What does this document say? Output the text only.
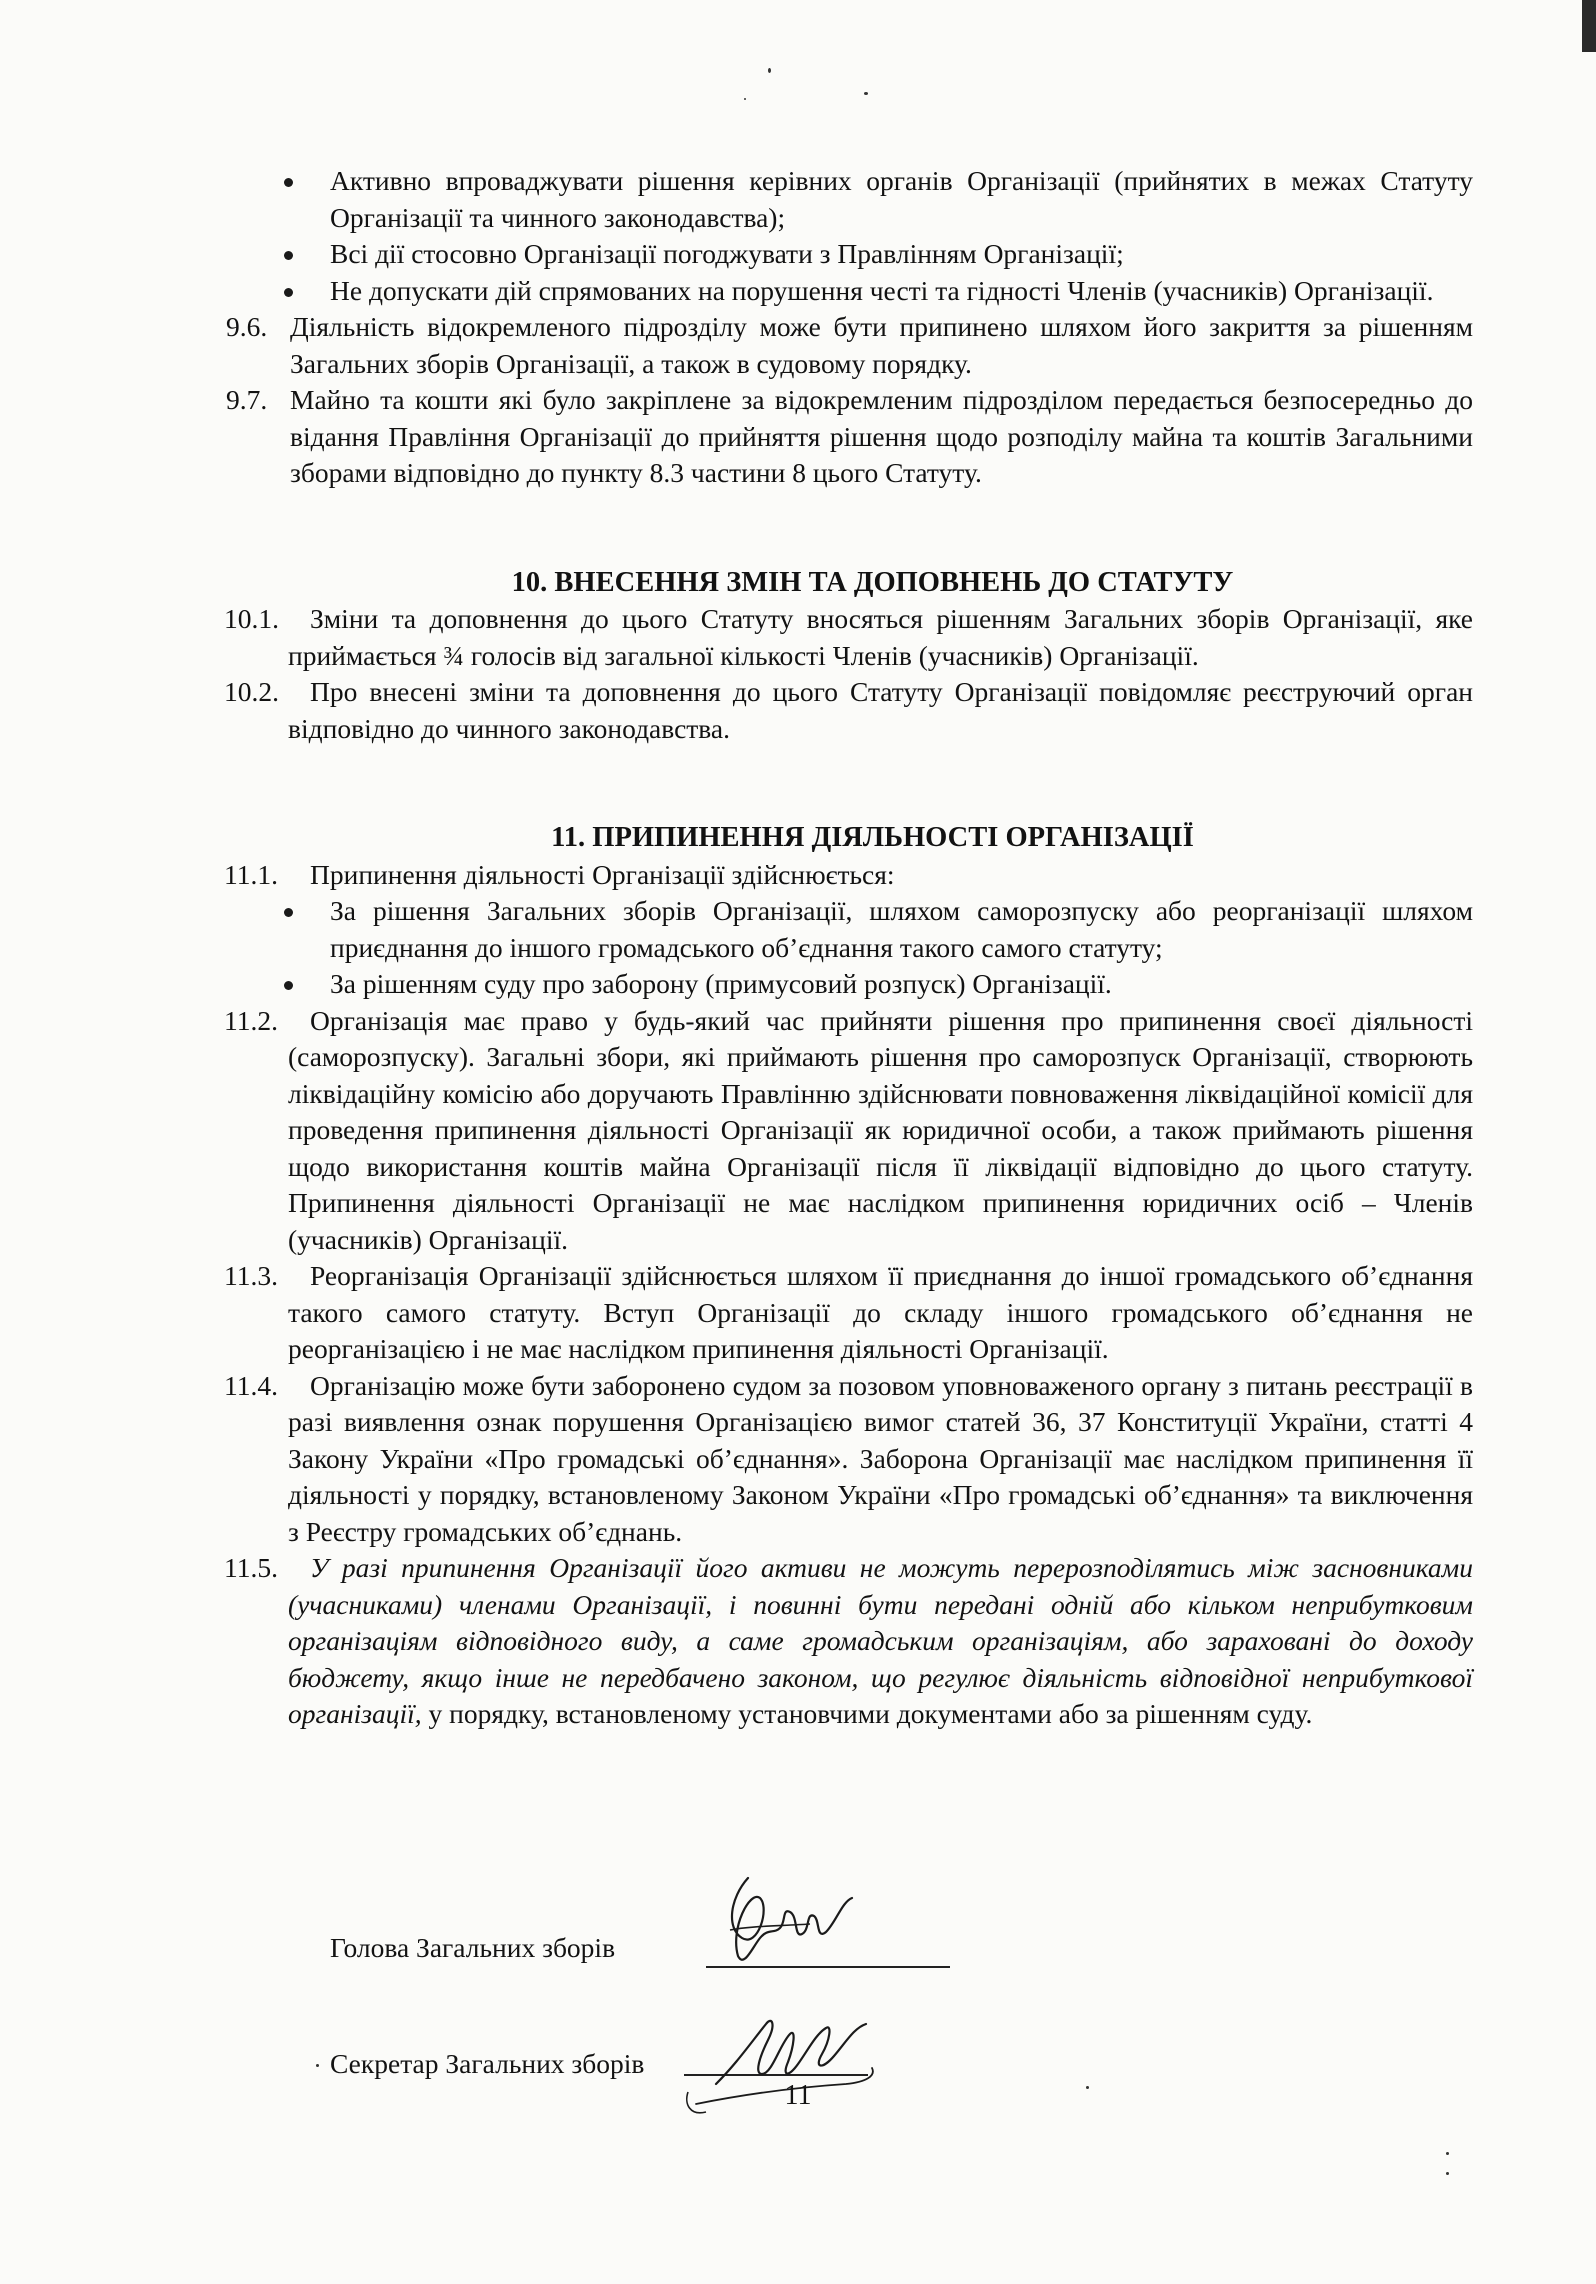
Активно впроваджувати рішення керівних органів Організації (прийнятих в межах Статуту Організації та чинного законодавства);
Всі дії стосовно Організації погоджувати з Правлінням Організації;
Не допускати дій спрямованих на порушення честі та гідності Членів (учасників) Організації.
9.6. Діяльність відокремленого підрозділу може бути припинено шляхом його закриття за рішенням Загальних зборів Організації, а також в судовому порядку.
9.7. Майно та кошти які було закріплене за відокремленим підрозділом передається безпосередньо до відання Правління Організації до прийняття рішення щодо розподілу майна та коштів Загальними зборами відповідно до пункту 8.3 частини 8 цього Статуту.
10. ВНЕСЕННЯ ЗМІН ТА ДОПОВНЕНЬ ДО СТАТУТУ
10.1.	Зміни та доповнення до цього Статуту вносяться рішенням Загальних зборів Організації, яке приймається ¾ голосів від загальної кількості Членів (учасників) Організації.
10.2.	Про внесені зміни та доповнення до цього Статуту Організації повідомляє реєструючий орган відповідно до чинного законодавства.
11. ПРИПИНЕННЯ ДІЯЛЬНОСТІ ОРГАНІЗАЦІЇ
11.1.	Припинення діяльності Організації здійснюється:
За рішення Загальних зборів Організації, шляхом саморозпуску або реорганізації шляхом приєднання до іншого громадського об’єднання такого самого статуту;
За рішенням суду про заборону (примусовий розпуск) Організації.
11.2.	Організація має право у будь-який час прийняти рішення про припинення своєї діяльності (саморозпуску). Загальні збори, які приймають рішення про саморозпуск Організації, створюють ліквідаційну комісію або доручають Правлінню здійснювати повноваження ліквідаційної комісії для проведення припинення діяльності Організації як юридичної особи, а також приймають рішення щодо використання коштів майна Організації після її ліквідації відповідно до цього статуту. Припинення діяльності Організації не має наслідком припинення юридичних осіб – Членів (учасників) Організації.
11.3.	Реорганізація Організації здійснюється шляхом її приєднання до іншої громадського об’єднання такого самого статуту. Вступ Організації до складу іншого громадського об’єднання не реорганізацією і не має наслідком припинення діяльності Організації.
11.4.	Організацію може бути заборонено судом за позовом уповноваженого органу з питань реєстрації в разі виявлення ознак порушення Організацією вимог статей 36, 37 Конституції України, статті 4 Закону України «Про громадські об’єднання». Заборона Організації має наслідком припинення її діяльності у порядку, встановленому Законом України «Про громадські об’єднання» та виключення з Реєстру громадських об’єднань.
11.5.	У разі припинення Організації його активи не можуть перерозподілятись між засновниками (учасниками) членами Організації, і повинні бути передані одній або кільком неприбутковим організаціям відповідного виду, а саме громадським організаціям, або зараховані до доходу бюджету, якщо інше не передбачено законом, що регулює діяльність відповідної неприбуткової організації, у порядку, встановленому установчими документами або за рішенням суду.
Голова Загальних зборів
Секретар Загальних зборів
11
